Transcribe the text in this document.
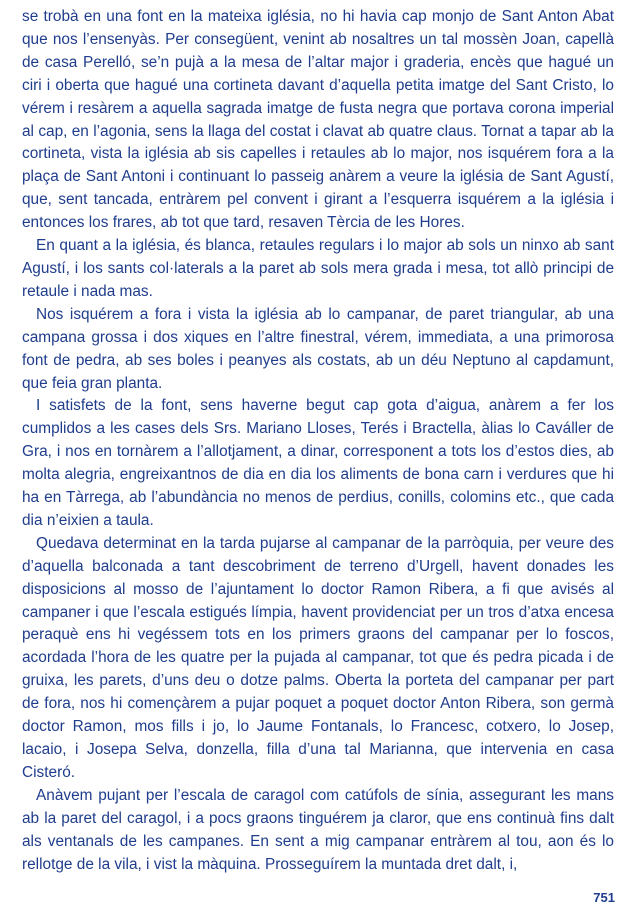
se trobà en una font en la mateixa iglésia, no hi havia cap monjo de Sant Anton Abat que nos l’ensenyàs. Per consegüent, venint ab nosaltres un tal mossèn Joan, capellà de casa Perelló, se’n pujà a la mesa de l’altar major i graderia, encès que hagué un ciri i oberta que hagué una cortineta davant d’aquella petita imatge del Sant Cristo, lo vérem i resàrem a aquella sagrada imatge de fusta negra que portava corona imperial al cap, en l’agonia, sens la llaga del costat i clavat ab quatre claus. Tornat a tapar ab la cortineta, vista la iglésia ab sis capelles i retaules ab lo major, nos isquérem fora a la plaça de Sant Antoni i continuant lo passeig anàrem a veure la iglésia de Sant Agustí, que, sent tancada, entràrem pel convent i girant a l’esquerra isquérem a la iglésia i entonces los frares, ab tot que tard, resaven Tèrcia de les Hores.

En quant a la iglésia, és blanca, retaules regulars i lo major ab sols un ninxo ab sant Agustí, i los sants col·laterals a la paret ab sols mera grada i mesa, tot allò principi de retaule i nada mas.

Nos isquérem a fora i vista la iglésia ab lo campanar, de paret triangular, ab una campana grossa i dos xiques en l’altre finestral, vérem, immediata, a una primorosa font de pedra, ab ses boles i peanyes als costats, ab un déu Neptuno al capdamunt, que feia gran planta.

I satisfets de la font, sens haverne begut cap gota d’aigua, anàrem a fer los cumplidos a les cases dels Srs. Mariano Lloses, Terés i Bractella, àlias lo Caváller de Gra, i nos en tornàrem a l’allotjament, a dinar, corresponent a tots los d’estos dies, ab molta alegria, engreixantnos de dia en dia los aliments de bona carn i verdures que hi ha en Tàrrega, ab l’abundància no menos de perdius, conills, colomins etc., que cada dia n’eixien a taula.

Quedava determinat en la tarda pujarse al campanar de la parròquia, per veure des d’aquella balconada a tant descobriment de terreno d’Urgell, havent donades les disposicions al mosso de l’ajuntament lo doctor Ramon Ribera, a fi que avisés al campaner i que l’escala estigués límpia, havent providenciat per un tros d’atxa encesa peraquè ens hi vegéssem tots en los primers graons del campanar per lo foscos, acordada l’hora de les quatre per la pujada al campanar, tot que és pedra picada i de gruixa, les parets, d’uns deu o dotze palms. Oberta la porteta del campanar per part de fora, nos hi començàrem a pujar poquet a poquet doctor Anton Ribera, son germà doctor Ramon, mos fills i jo, lo Jaume Fontanals, lo Francesc, cotxero, lo Josep, lacaio, i Josepa Selva, donzella, filla d’una tal Marianna, que intervenia en casa Cisteró.

Anàvem pujant per l’escala de caragol com catúfols de sínia, assegurant les mans ab la paret del caragol, i a pocs graons tinguérem ja claror, que ens continuà fins dalt als ventanals de les campanes. En sent a mig campanar entràrem al tou, aon és lo rellotge de la vila, i vist la màquina. Prosseguírem la muntada dret dalt, i,

751
